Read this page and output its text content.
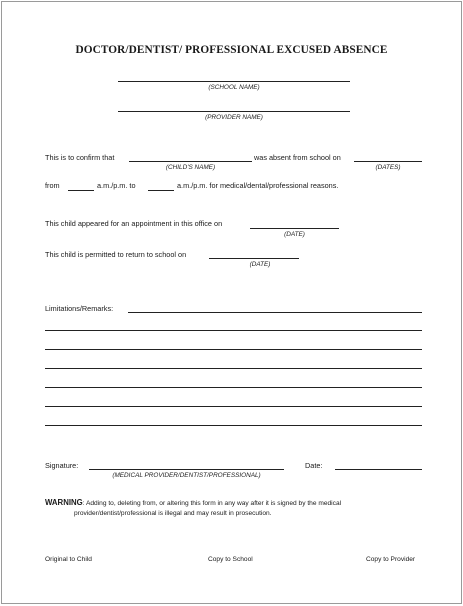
DOCTOR/DENTIST/ PROFESSIONAL EXCUSED ABSENCE
(SCHOOL NAME)
(PROVIDER NAME)
This is to confirm that
(CHILD'S NAME)
was absent from school on
(DATES)
from	a.m./p.m. to	a.m./p.m. for medical/dental/professional reasons.
This child appeared for an appointment in this office on
(DATE)
This child is permitted to return to school on
(DATE)
Limitations/Remarks:
Signature:
(MEDICAL PROVIDER/DENTIST/PROFESSIONAL)
Date:
WARNING: Adding to, deleting from, or altering this form in any way after it is signed by the medical
provider/dentist/professional is illegal and may result in prosecution.
Original to Child	Copy to School	Copy to Provider
